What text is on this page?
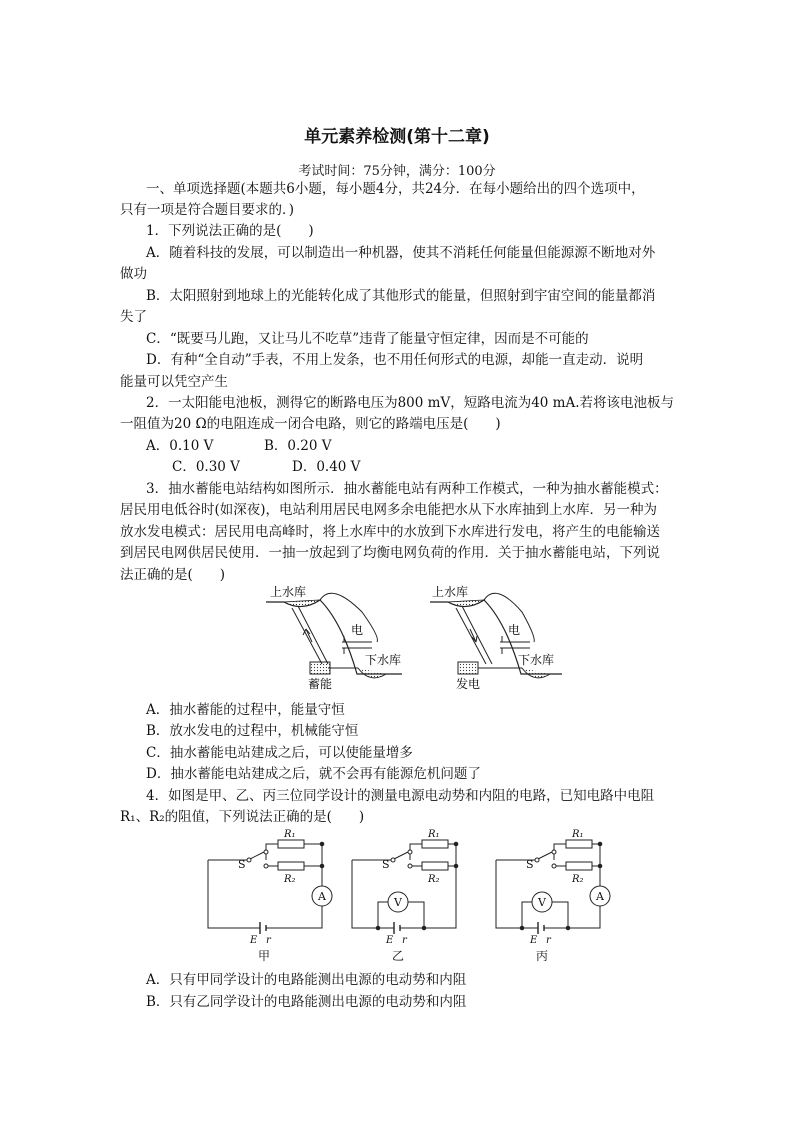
单元素养检测(第十二章)
考试时间：75分钟，满分：100分
一、单项选择题(本题共6小题，每小题4分，共24分．在每小题给出的四个选项中，
只有一项是符合题目要求的．)
1．下列说法正确的是(　　)
A．随着科技的发展，可以制造出一种机器，使其不消耗任何能量但能源源不断地对外
做功
B．太阳照射到地球上的光能转化成了其他形式的能量，但照射到宇宙空间的能量都消
失了
C．“既要马儿跑，又让马儿不吃草”违背了能量守恒定律，因而是不可能的
D．有种“全自动”手表，不用上发条，也不用任何形式的电源，却能一直走动．说明
能量可以凭空产生
2．一太阳能电池板，测得它的断路电压为800 mV，短路电流为40 mA.若将该电池板与
一阻值为20 Ω的电阻连成一闭合电路，则它的路端电压是(　　)
A．0.10 V	B．0.20 V
C．0.30 V	D．0.40 V
3．抽水蓄能电站结构如图所示．抽水蓄能电站有两种工作模式，一种为抽水蓄能模式：
居民用电低谷时(如深夜)，电站利用居民电网多余电能把水从下水库抽到上水库．另一种为
放水发电模式：居民用电高峰时，将上水库中的水放到下水库进行发电，将产生的电能输送
到居民电网供居民使用．一抽一放起到了均衡电网负荷的作用．关于抽水蓄能电站，下列说
法正确的是(　　)
上水库
电
下水库
蓄能
上水库
电
下水库
发电
A．抽水蓄能的过程中，能量守恒
B．放水发电的过程中，机械能守恒
C．抽水蓄能电站建成之后，可以使能量增多
D．抽水蓄能电站建成之后，就不会再有能源危机问题了
4．如图是甲、乙、丙三位同学设计的测量电源电动势和内阻的电路，已知电路中电阻
R₁、R₂的阻值，下列说法正确的是(　　)
R₁
R₂
R₁
R₂
R₁
R₂
E r	E r	E r
S	S	S
A	V	V	A
甲	乙	丙
A．只有甲同学设计的电路能测出电源的电动势和内阻
B．只有乙同学设计的电路能测出电源的电动势和内阻
